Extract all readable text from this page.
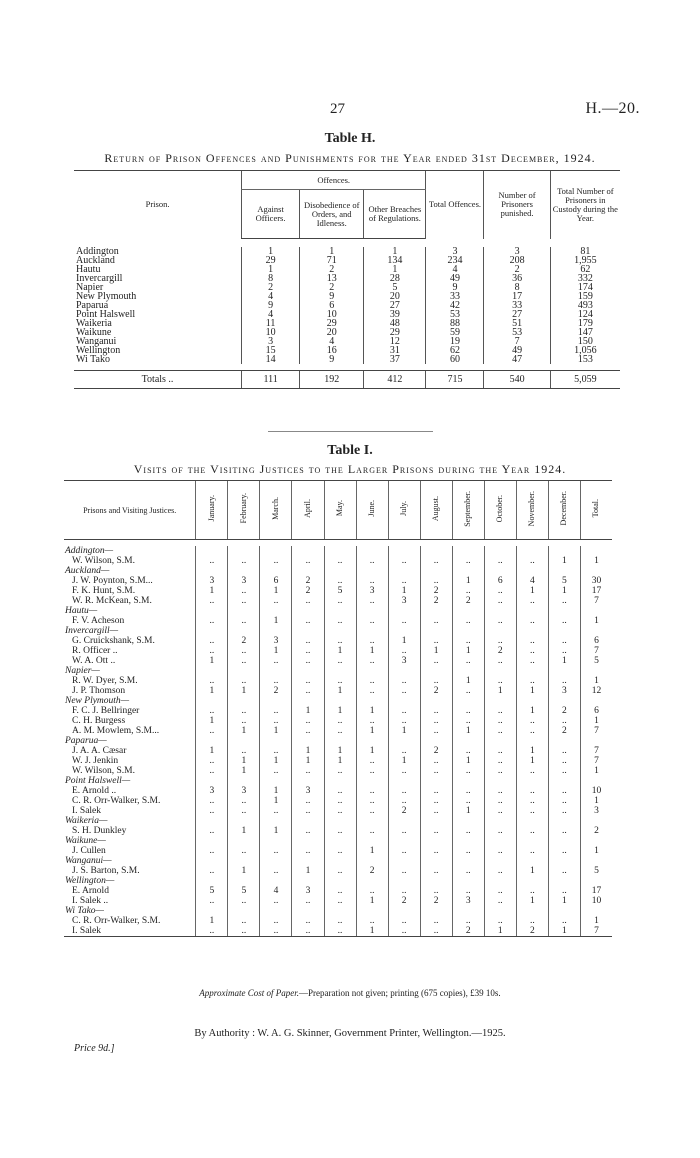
27	H.—20.
Table H.
Return of Prison Offences and Punishments for the Year ended 31st December, 1924.
Prison.	Offences.			Total Offences.	Number of Prisoners punished.	Total Number of Prisoners in Custody during the Year.
	Against Officers.	Disobedience of Orders, and Idleness.	Other Breaches of Regulations.			

Addington	1	1	1	3	3	81
Auckland	29	71	134	234	208	1,955
Hautu	1	2	1	4	2	62
Invercargill	8	13	28	49	36	332
Napier	2	2	5	9	8	174
New Plymouth	4	9	20	33	17	159
Paparua	9	6	27	42	33	493
Point Halswell	4	10	39	53	27	124
Waikeria	11	29	48	88	51	179
Waikune	10	20	29	59	53	147
Wanganui	3	4	12	19	7	150
Wellington	15	16	31	62	49	1,056
Wi Tako	14	9	37	60	47	153

Totals ..	111	192	412	715	540	5,059
Table I.
Visits of the Visiting Justices to the Larger Prisons during the Year 1924.
Prisons and Visiting Justices.	January.	February.	March.	April.	May.	June.	July.	August.	September.	October.	November.	December.	Total.

Addington—													
W. Wilson, S.M.	..	..	..	..	..	..	..	..	..	..	..	1	1
Auckland—													
J. W. Poynton, S.M...	3	3	6	2	..	..	..	..	1	6	4	5	30
F. K. Hunt, S.M.	1	..	1	2	5	3	1	2	..	..	1	1	17
W. R. McKean, S.M.	..	..	..	..	..	..	3	2	2	..	..	..	7
Hautu—													
F. V. Acheson	..	..	1	..	..	..	..	..	..	..	..	..	1
Invercargill—													
G. Cruickshank, S.M.	..	2	3	..	..	..	1	..	..	..	..	..	6
R. Officer ..	..	..	1	..	1	1	..	1	1	2	..	..	7
W. A. Ott ..	1	..	..	..	..	..	3	..	..	..	..	1	5
Napier—													
R. W. Dyer, S.M.	..	..	..	..	..	..	..	..	1	..	..	..	1
J. P. Thomson	1	1	2	..	1	..	..	2	..	1	1	3	12
New Plymouth—													
F. C. J. Bellringer	..	..	..	1	1	1	..	..	..	..	1	2	6
C. H. Burgess	1	..	..	..	..	..	..	..	..	..	..	..	1
A. M. Mowlem, S.M...	..	1	1	..	..	1	1	..	1	..	..	2	7
Paparua—													
J. A. A. Cæsar	1	..	..	1	1	1	..	2	..	..	1	..	7
W. J. Jenkin	..	1	1	1	1	..	1	..	1	..	1	..	7
W. Wilson, S.M.	..	1	..	..	..	..	..	..	..	..	..	..	1
Point Halswell—													
E. Arnold ..	3	3	1	3	..	..	..	..	..	..	..	..	10
C. R. Orr-Walker, S.M.	..	..	1	..	..	..	..	..	..	..	..	..	1
I. Salek	..	..	..	..	..	..	2	..	1	..	..	..	3
Waikeria—													
S. H. Dunkley	..	1	1	..	..	..	..	..	..	..	..	..	2
Waikune—													
J. Cullen	..	..	..	..	..	1	..	..	..	..	..	..	1
Wanganui—													
J. S. Barton, S.M.	..	1	..	1	..	2	..	..	..	..	1	..	5
Wellington—													
E. Arnold	5	5	4	3	..	..	..	..	..	..	..	..	17
I. Salek ..	..	..	..	..	..	1	2	2	3	..	1	1	10
Wi Tako—													
C. R. Orr-Walker, S.M.	1	..	..	..	..	..	..	..	..	..	..	..	1
I. Salek	..	..	..	..	..	1	..	..	2	1	2	1	7
Approximate Cost of Paper.—Preparation not given; printing (675 copies), £39 10s.
By Authority : W. A. G. Skinner, Government Printer, Wellington.—1925.
Price 9d.]
